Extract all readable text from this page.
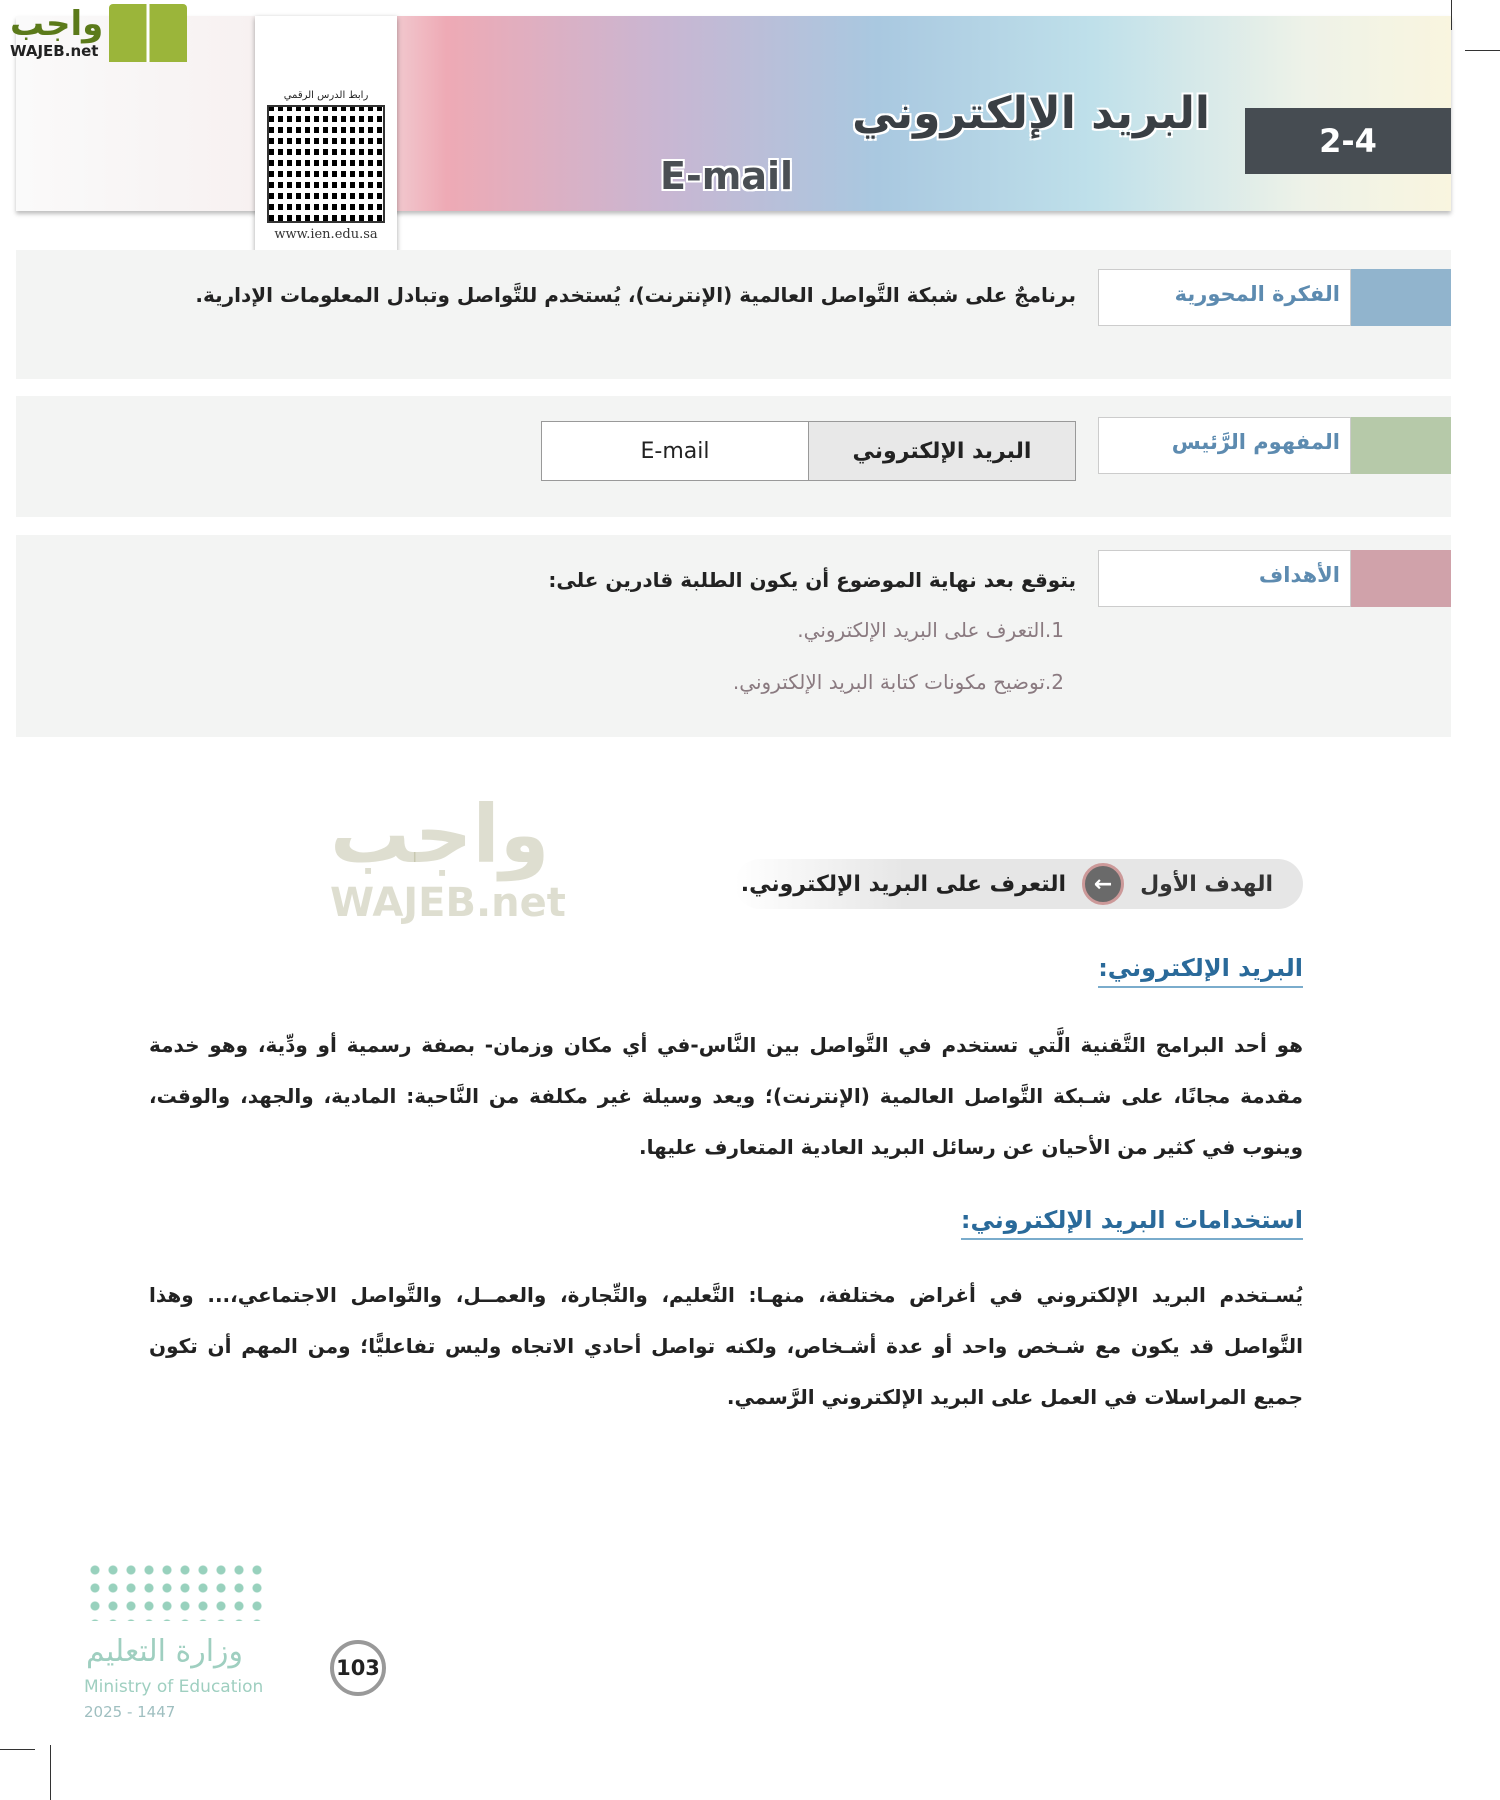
واجب
WAJEB.net
رابط الدرس الرقمي
www.ien.edu.sa
2-4
البريد الإلكتروني
E-mail
الفكرة المحورية
برنامجٌ على شبكة التَّواصل العالمية (الإنترنت)، يُستخدم للتَّواصل وتبادل المعلومات الإدارية.
المفهوم الرَّئيس
E-mail	البريد الإلكتروني
الأهداف
يتوقع بعد نهاية الموضوع أن يكون الطلبة قادرين على:
1.التعرف على البريد الإلكتروني.
2.توضيح مكونات كتابة البريد الإلكتروني.
واجب
WAJEB.net	الهدف الأول
←
التعرف على البريد الإلكتروني.
البريد الإلكتروني:
هو أحد البرامج التَّقنية الَّتي تستخدم في التَّواصل بين النَّاس-في أي مكان وزمان- بصفة رسمية أو ودِّية، وهو خدمة مقدمة مجانًا، على شـبكة التَّواصل العالمية (الإنترنت)؛ ويعد وسيلة غير مكلفة من النَّاحية: المادية، والجهد، والوقت، وينوب في كثير من الأحيان عن رسائل البريد العادية المتعارف عليها.
استخدامات البريد الإلكتروني:
يُسـتخدم البريد الإلكتروني في أغراض مختلفة، منهـا: التَّعليم، والتِّجارة، والعمــل، والتَّواصل الاجتماعي،... وهذا التَّواصل قد يكون مع شـخص واحد أو عدة أشـخاص، ولكنه تواصل أحادي الاتجاه وليس تفاعليًّا؛ ومن المهم أن تكون جميع المراسلات في العمل على البريد الإلكتروني الرَّسمي.
وزارة التعليم
Ministry of Education
2025 - 1447
103
